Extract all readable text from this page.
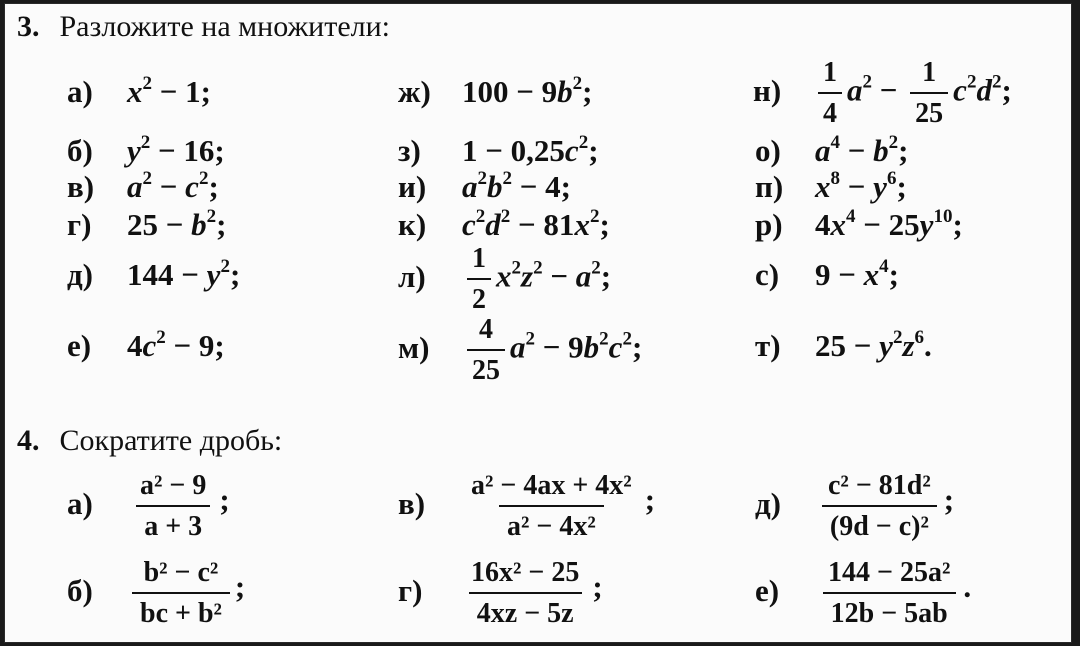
3. Разложите на множители:
а) $x^2 - 1$;
б) $y^2 - 16$;
в) $a^2 - c^2$;
г) $25 - b^2$;
д) $144 - y^2$;
е) $4c^2 - 9$;
ж) $100 - 9b^2$;
з) $1 - 0,25c^2$;
и) $a^2b^2 - 4$;
к) $c^2d^2 - 81x^2$;
$л) \frac{1}{2} x^2z^2 - a^2$;
$м) \frac{4}{25} a^2 - 9b^2c^2$;
$н) \frac{1}{4} a^2 - \frac{1}{25} c^2d^2$;
о) $a^4 - b^2$;
п) $x^8 - y^6$;
р) $4x^4 - 25y^{10}$;
с) $9 - x^4$;
т) $25 - y^2z^6$.
4. Сократите дробь:
$а) \frac{\text{a² − 9}}{a + 3}$ ;
$б) \frac{\text{b² − c²}}{\text{bc + b²}}$ ;
$в) \frac{\text{a² − 4ax + 4x²}}{\text{a² − 4x²}}$ ;
$г) \frac{\text{16x² − 25}}{4xz - 5z}$ ;
$д) \frac{\text{c² − 81d²}}{\text{(9d − c)²}}$ ;
$е) \frac{\text{144 − 25a²}}{12b - 5ab}$ .
